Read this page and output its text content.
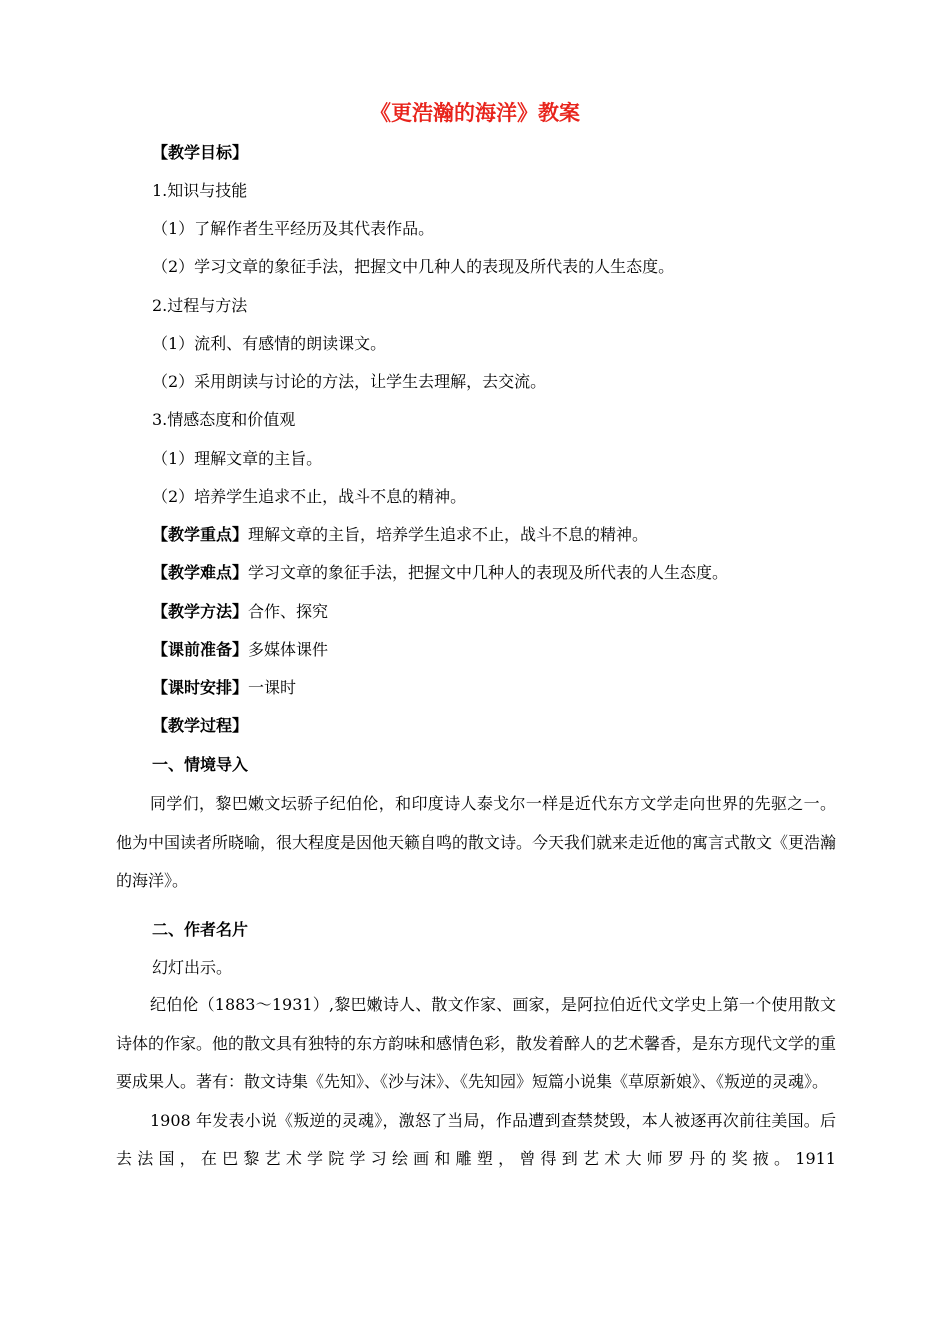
《更浩瀚的海洋》教案
【教学目标】
1.知识与技能
（1）了解作者生平经历及其代表作品。
（2）学习文章的象征手法，把握文中几种人的表现及所代表的人生态度。
2.过程与方法
（1）流利、有感情的朗读课文。
（2）采用朗读与讨论的方法，让学生去理解，去交流。
3.情感态度和价值观
（1）理解文章的主旨。
（2）培养学生追求不止，战斗不息的精神。
【教学重点】理解文章的主旨，培养学生追求不止，战斗不息的精神。
【教学难点】学习文章的象征手法，把握文中几种人的表现及所代表的人生态度。
【教学方法】合作、探究
【课前准备】多媒体课件
【课时安排】一课时
【教学过程】
一、情境导入

同学们，黎巴嫩文坛骄子纪伯伦，和印度诗人泰戈尔一样是近代东方文学走向世界的先驱之一。他为中国读者所晓喻，很大程度是因他天籁自鸣的散文诗。今天我们就来走近他的寓言式散文《更浩瀚的海洋》。

二、作者名片
幻灯出示。

纪伯伦（1883～1931）,黎巴嫩诗人、散文作家、画家，是阿拉伯近代文学史上第一个使用散文诗体的作家。他的散文具有独特的东方韵味和感情色彩，散发着醉人的艺术馨香，是东方现代文学的重要成果人。著有：散文诗集《先知》、《沙与沫》、《先知园》短篇小说集《草原新娘》、《叛逆的灵魂》。

1908 年发表小说《叛逆的灵魂》，激怒了当局，作品遭到查禁焚毁，本人被逐再次前往美国。后去法国，在巴黎艺术学院学习绘画和雕塑，曾得到艺术大师罗丹的奖掖。1911
